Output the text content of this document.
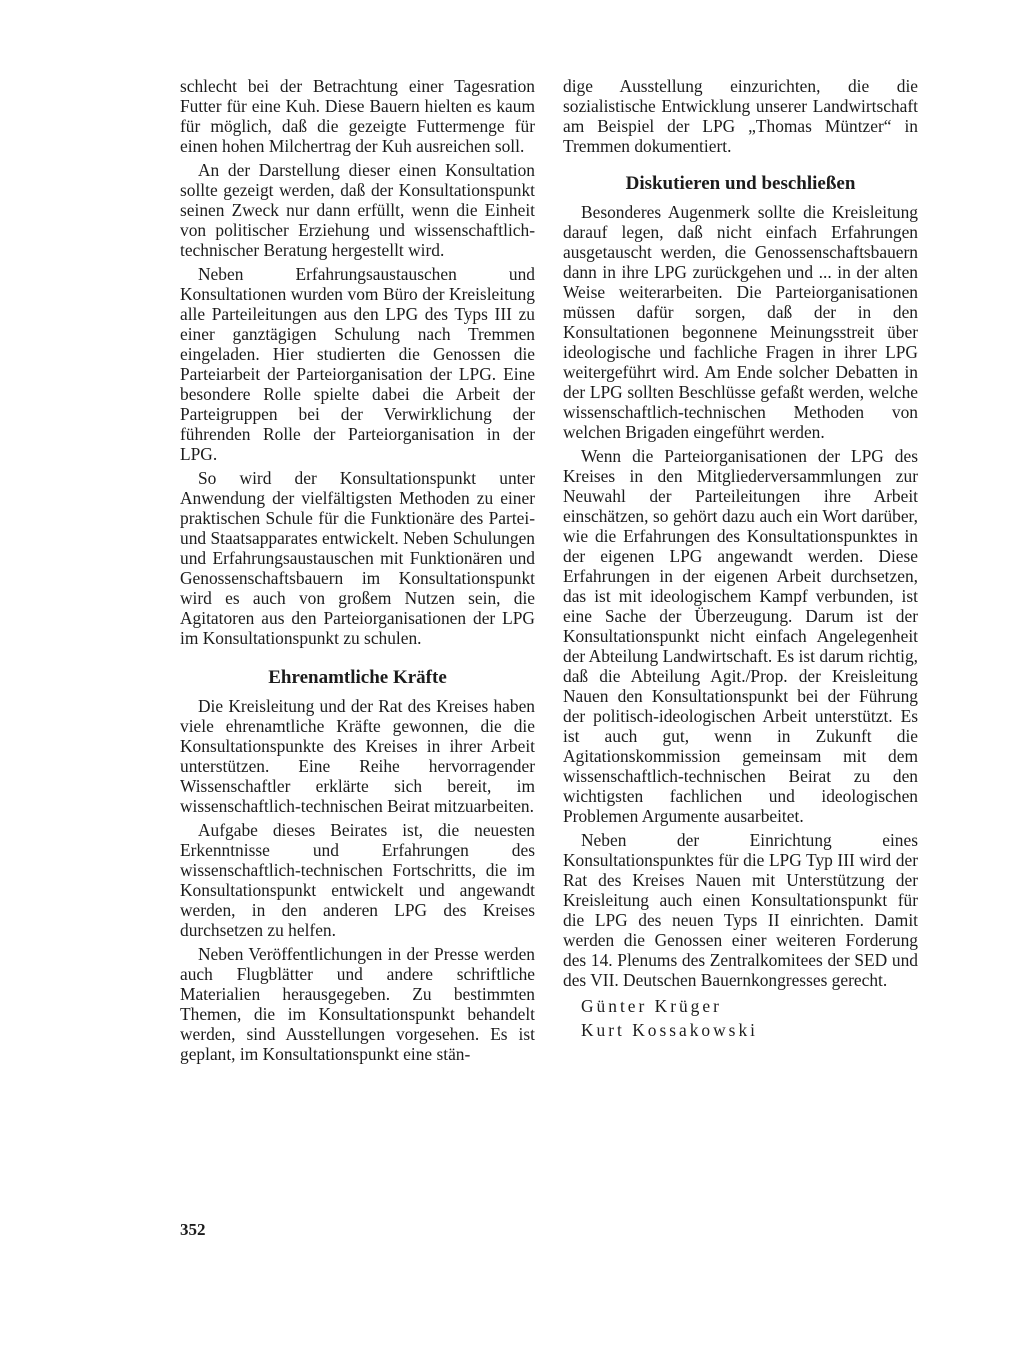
schlecht bei der Betrachtung einer Tagesration Futter für eine Kuh. Diese Bauern hielten es kaum für möglich, daß die gezeigte Futtermenge für einen hohen Milchertrag der Kuh ausreichen soll.

An der Darstellung dieser einen Konsultation sollte gezeigt werden, daß der Konsultationspunkt seinen Zweck nur dann erfüllt, wenn die Einheit von politischer Erziehung und wissenschaftlich-technischer Beratung hergestellt wird.

Neben Erfahrungsaustauschen und Konsultationen wurden vom Büro der Kreisleitung alle Parteileitungen aus den LPG des Typs III zu einer ganztägigen Schulung nach Tremmen eingeladen. Hier studierten die Genossen die Parteiarbeit der Parteiorganisation der LPG. Eine besondere Rolle spielte dabei die Arbeit der Parteigruppen bei der Verwirklichung der führenden Rolle der Parteiorganisation in der LPG.

So wird der Konsultationspunkt unter Anwendung der vielfältigsten Methoden zu einer praktischen Schule für die Funktionäre des Partei- und Staatsapparates entwickelt. Neben Schulungen und Erfahrungsaustauschen mit Funktionären und Genossenschaftsbauern im Konsultationspunkt wird es auch von großem Nutzen sein, die Agitatoren aus den Parteiorganisationen der LPG im Konsultationspunkt zu schulen.

Ehrenamtliche Kräfte

Die Kreisleitung und der Rat des Kreises haben viele ehrenamtliche Kräfte gewonnen, die die Konsultationspunkte des Kreises in ihrer Arbeit unterstützen. Eine Reihe hervorragender Wissenschaftler erklärte sich bereit, im wissenschaftlich-technischen Beirat mitzuarbeiten.

Aufgabe dieses Beirates ist, die neuesten Erkenntnisse und Erfahrungen des wissenschaftlich-technischen Fortschritts, die im Konsultationspunkt entwickelt und angewandt werden, in den anderen LPG des Kreises durchsetzen zu helfen.

Neben Veröffentlichungen in der Presse werden auch Flugblätter und andere schriftliche Materialien herausgegeben. Zu bestimmten Themen, die im Konsultationspunkt behandelt werden, sind Ausstellungen vorgesehen. Es ist geplant, im Konsultationspunkt eine stän-

dige Ausstellung einzurichten, die die sozialistische Entwicklung unserer Landwirtschaft am Beispiel der LPG „Thomas Müntzer“ in Tremmen dokumentiert.

Diskutieren und beschließen

Besonderes Augenmerk sollte die Kreisleitung darauf legen, daß nicht einfach Erfahrungen ausgetauscht werden, die Genossenschaftsbauern dann in ihre LPG zurückgehen und ... in der alten Weise weiterarbeiten. Die Parteiorganisationen müssen dafür sorgen, daß der in den Konsultationen begonnene Meinungsstreit über ideologische und fachliche Fragen in ihrer LPG weitergeführt wird. Am Ende solcher Debatten in der LPG sollten Beschlüsse gefaßt werden, welche wissenschaftlich-technischen Methoden von welchen Brigaden eingeführt werden.

Wenn die Parteiorganisationen der LPG des Kreises in den Mitgliederversammlungen zur Neuwahl der Parteileitungen ihre Arbeit einschätzen, so gehört dazu auch ein Wort darüber, wie die Erfahrungen des Konsultationspunktes in der eigenen LPG angewandt werden. Diese Erfahrungen in der eigenen Arbeit durchsetzen, das ist mit ideologischem Kampf verbunden, ist eine Sache der Überzeugung. Darum ist der Konsultationspunkt nicht einfach Angelegenheit der Abteilung Landwirtschaft. Es ist darum richtig, daß die Abteilung Agit./Prop. der Kreisleitung Nauen den Konsultationspunkt bei der Führung der politisch-ideologischen Arbeit unterstützt. Es ist auch gut, wenn in Zukunft die Agitationskommission gemeinsam mit dem wissenschaftlich-technischen Beirat zu den wichtigsten fachlichen und ideologischen Problemen Argumente ausarbeitet.

Neben der Einrichtung eines Konsultationspunktes für die LPG Typ III wird der Rat des Kreises Nauen mit Unterstützung der Kreisleitung auch einen Konsultationspunkt für die LPG des neuen Typs II einrichten. Damit werden die Genossen einer weiteren Forderung des 14. Plenums des Zentralkomitees der SED und des VII. Deutschen Bauernkongresses gerecht.

Günter Krüger

Kurt Kossakowski

352
